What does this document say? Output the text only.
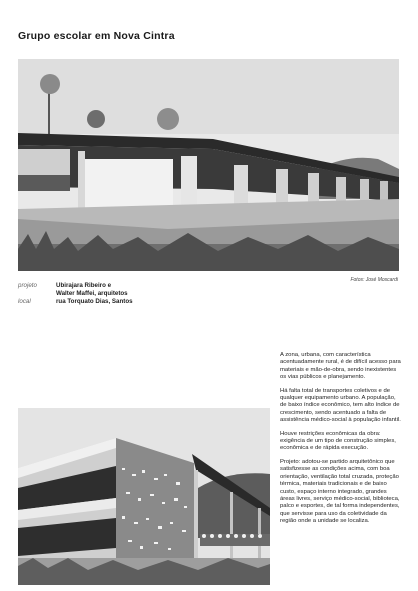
Grupo escolar em Nova Cintra
Fotos: José Moscardi
projeto	Ubirajara Ribeiro e
Walter Maffei, arquitetos
local	rua Torquato Dias, Santos

A zona, urbana, com característica acentuadamente rural, é de difícil acesso para materiais e mão-de-obra, sendo inexistentes os vias públicos e planejamento.

Há falta total de transportes coletivos e de qualquer equipamento urbano. A população, de baixo índice econômico, tem alto índice de crescimento, sendo acentuado a falta de assistência médico-social à população infantil.

Houve restrições econômicas da obra: exigência de um tipo de construção simples, econômica e de rápida execução.

Projeto: adotou-se partido arquitetônico que satisfizesse as condições acima, com boa orientação, ventilação total cruzada, proteção térmica, materiais tradicionais e de baixo custo, espaço interno integrado, grandes áreas livres, serviço médico-social, biblioteca, palco e esportes, de tal forma independentes, que servisse para uso da coletividade da região onde a unidade se localiza.
